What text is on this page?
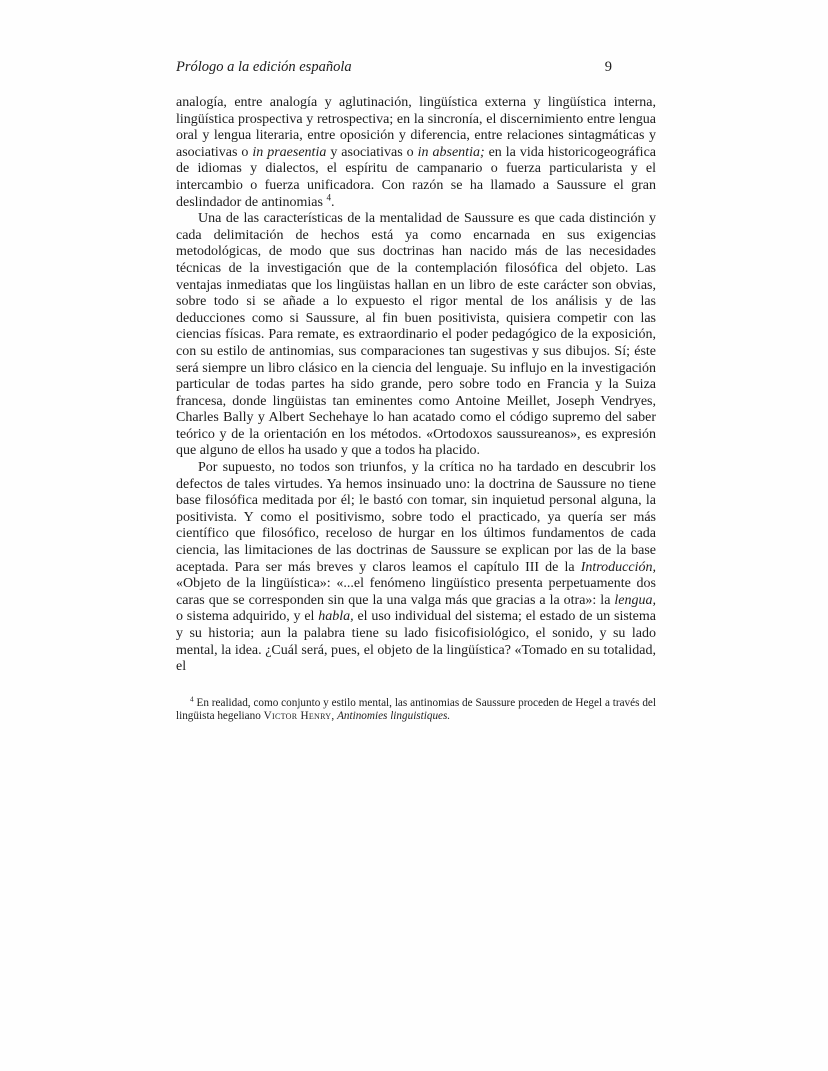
Prólogo a la edición española	9

analogía, entre analogía y aglutinación, lingüística externa y lingüística interna, lingüística prospectiva y retrospectiva; en la sincronía, el discernimiento entre lengua oral y lengua literaria, entre oposición y diferencia, entre relaciones sintagmáticas y asociativas o in praesentia y asociativas o in absentia; en la vida historicogeográfica de idiomas y dialectos, el espíritu de campanario o fuerza particularista y el intercambio o fuerza unificadora. Con razón se ha llamado a Saussure el gran deslindador de antinomias $^4$.

Una de las características de la mentalidad de Saussure es que cada distinción y cada delimitación de hechos está ya como encarnada en sus exigencias metodológicas, de modo que sus doctrinas han nacido más de las necesidades técnicas de la investigación que de la contemplación filosófica del objeto. Las ventajas inmediatas que los lingüistas hallan en un libro de este carácter son obvias, sobre todo si se añade a lo expuesto el rigor mental de los análisis y de las deducciones como si Saussure, al fin buen positivista, quisiera competir con las ciencias físicas. Para remate, es extraordinario el poder pedagógico de la exposición, con su estilo de antinomias, sus comparaciones tan sugestivas y sus dibujos. Sí; éste será siempre un libro clásico en la ciencia del lenguaje. Su influjo en la investigación particular de todas partes ha sido grande, pero sobre todo en Francia y la Suiza francesa, donde lingüistas tan eminentes como Antoine Meillet, Joseph Vendryes, Charles Bally y Albert Sechehaye lo han acatado como el código supremo del saber teórico y de la orientación en los métodos. «Ortodoxos saussureanos», es expresión que alguno de ellos ha usado y que a todos ha placido.

Por supuesto, no todos son triunfos, y la crítica no ha tardado en descubrir los defectos de tales virtudes. Ya hemos insinuado uno: la doctrina de Saussure no tiene base filosófica meditada por él; le bastó con tomar, sin inquietud personal alguna, la positivista. Y como el positivismo, sobre todo el practicado, ya quería ser más científico que filosófico, receloso de hurgar en los últimos fundamentos de cada ciencia, las limitaciones de las doctrinas de Saussure se explican por las de la base aceptada. Para ser más breves y claros leamos el capítulo III de la Introducción, «Objeto de la lingüística»: «...el fenómeno lingüístico presenta perpetuamente dos caras que se corresponden sin que la una valga más que gracias a la otra»: la lengua, o sistema adquirido, y el habla, el uso individual del sistema; el estado de un sistema y su historia; aun la palabra tiene su lado fisicofisiológico, el sonido, y su lado mental, la idea. ¿Cuál será, pues, el objeto de la lingüística? «Tomado en su totalidad, el

$^4$ En realidad, como conjunto y estilo mental, las antinomias de Saussure proceden de Hegel a través del lingüista hegeliano Victor Henry, Antinomies linguistiques.
